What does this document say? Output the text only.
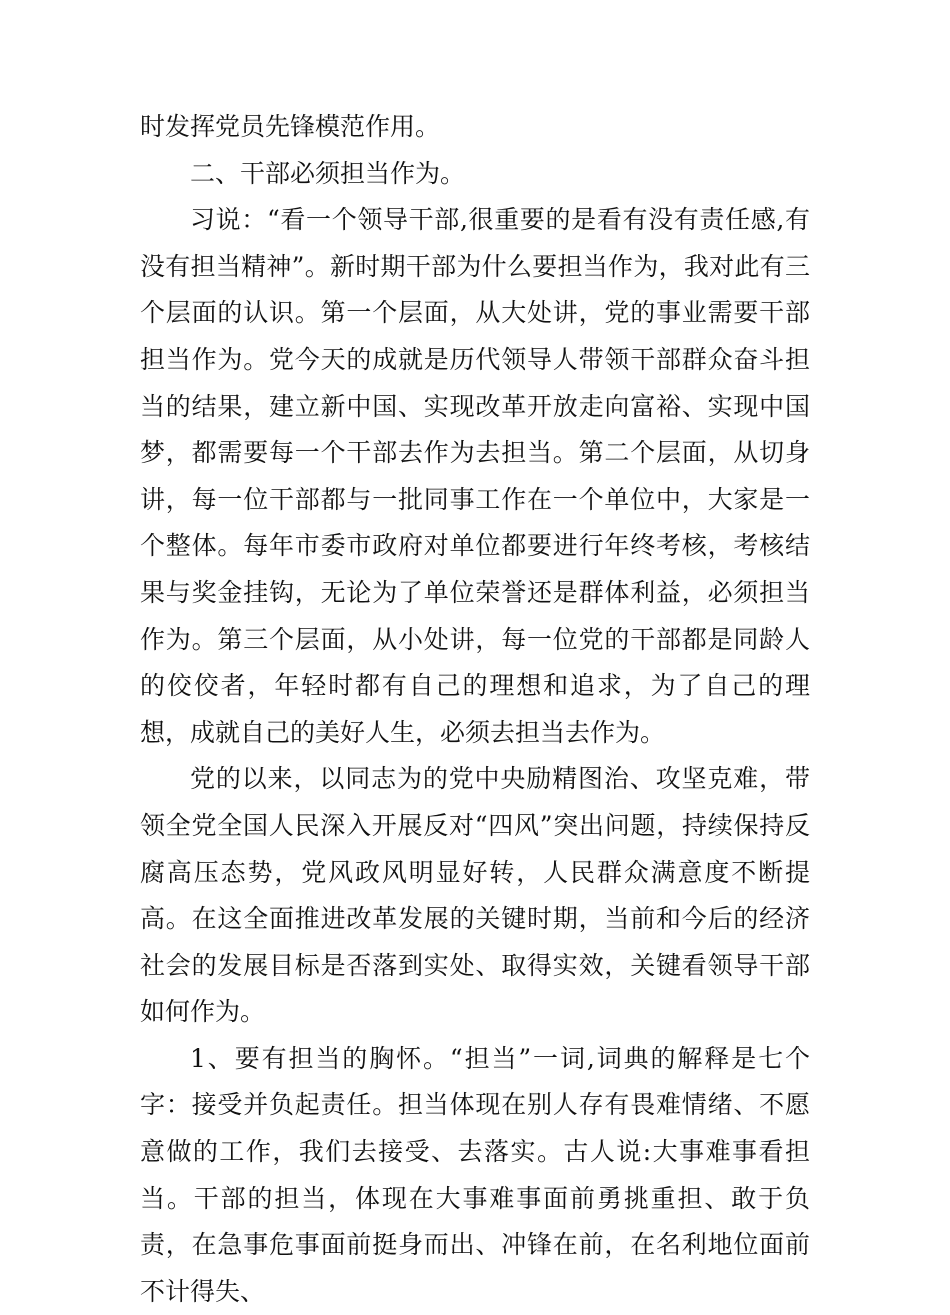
时发挥党员先锋模范作用。

二、干部必须担当作为。

习说：“看一个领导干部,很重要的是看有没有责任感,有没有担当精神”。新时期干部为什么要担当作为，我对此有三个层面的认识。第一个层面，从大处讲，党的事业需要干部担当作为。党今天的成就是历代领导人带领干部群众奋斗担当的结果，建立新中国、实现改革开放走向富裕、实现中国梦，都需要每一个干部去作为去担当。第二个层面，从切身讲，每一位干部都与一批同事工作在一个单位中，大家是一个整体。每年市委市政府对单位都要进行年终考核，考核结果与奖金挂钩，无论为了单位荣誉还是群体利益，必须担当作为。第三个层面，从小处讲，每一位党的干部都是同龄人的佼佼者，年轻时都有自己的理想和追求，为了自己的理想，成就自己的美好人生，必须去担当去作为。

党的以来，以同志为的党中央励精图治、攻坚克难，带领全党全国人民深入开展反对“四风”突出问题，持续保持反腐高压态势，党风政风明显好转，人民群众满意度不断提高。在这全面推进改革发展的关键时期，当前和今后的经济社会的发展目标是否落到实处、取得实效，关键看领导干部如何作为。

1、要有担当的胸怀。“担当”一词,词典的解释是七个字：接受并负起责任。担当体现在别人存有畏难情绪、不愿意做的工作，我们去接受、去落实。古人说:大事难事看担当。干部的担当，体现在大事难事面前勇挑重担、敢于负责，在急事危事面前挺身而出、冲锋在前，在名利地位面前不计得失、
